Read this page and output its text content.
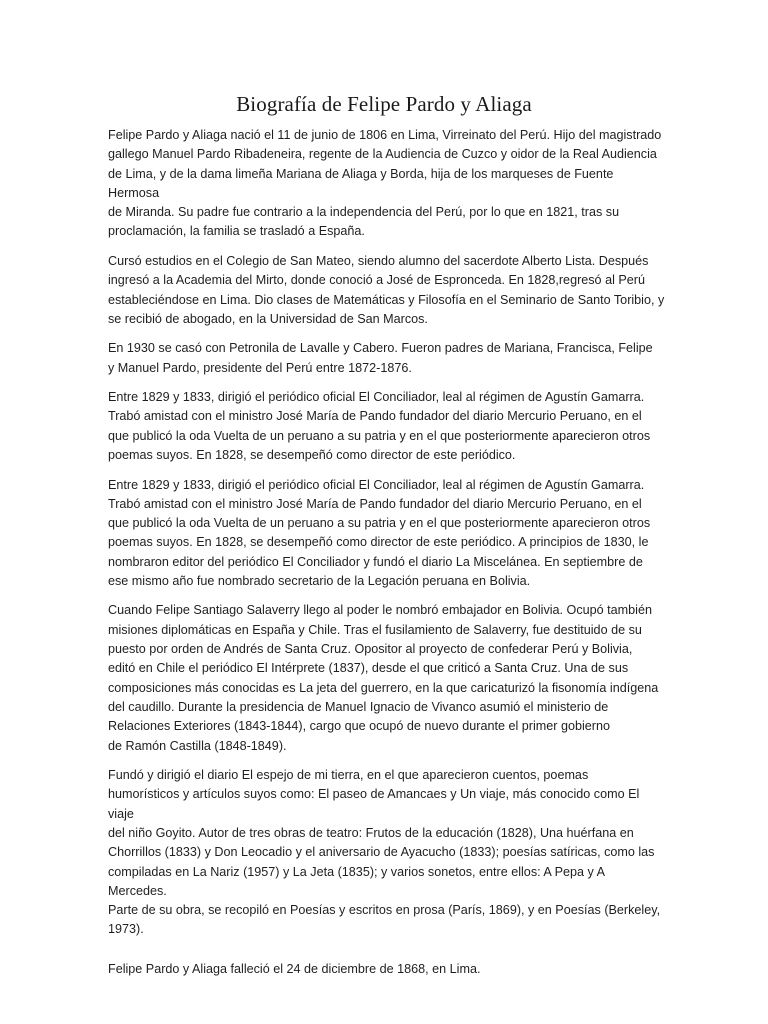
Biografía de Felipe Pardo y Aliaga

Felipe Pardo y Aliaga nació el 11 de junio de 1806 en Lima, Virreinato del Perú. Hijo del magistrado
gallego Manuel Pardo Ribadeneira, regente de la Audiencia de Cuzco y oidor de la Real Audiencia
de Lima, y de la dama limeña Mariana de Aliaga y Borda, hija de los marqueses de Fuente Hermosa
de Miranda. Su padre fue contrario a la independencia del Perú, por lo que en 1821, tras su
proclamación, la familia se trasladó a España.

Cursó estudios en el Colegio de San Mateo, siendo alumno del sacerdote Alberto Lista. Después
ingresó a la Academia del Mirto, donde conoció a José de Espronceda. En 1828,regresó al Perú
estableciéndose en Lima. Dio clases de Matemáticas y Filosofía en el Seminario de Santo Toribio, y
se recibió de abogado, en la Universidad de San Marcos.

En 1930 se casó con Petronila de Lavalle y Cabero. Fueron padres de Mariana, Francisca, Felipe
y Manuel Pardo, presidente del Perú entre 1872-1876.

Entre 1829 y 1833, dirigió el periódico oficial El Conciliador, leal al régimen de Agustín Gamarra.
Trabó amistad con el ministro José María de Pando fundador del diario Mercurio Peruano, en el
que publicó la oda Vuelta de un peruano a su patria y en el que posteriormente aparecieron otros
poemas suyos. En 1828, se desempeñó como director de este periódico.

Entre 1829 y 1833, dirigió el periódico oficial El Conciliador, leal al régimen de Agustín Gamarra.
Trabó amistad con el ministro José María de Pando fundador del diario Mercurio Peruano, en el
que publicó la oda Vuelta de un peruano a su patria y en el que posteriormente aparecieron otros
poemas suyos. En 1828, se desempeñó como director de este periódico. A principios de 1830, le
nombraron editor del periódico El Conciliador y fundó el diario La Miscelánea. En septiembre de
ese mismo año fue nombrado secretario de la Legación peruana en Bolivia.

Cuando Felipe Santiago Salaverry llego al poder le nombró embajador en Bolivia. Ocupó también
misiones diplomáticas en España y Chile. Tras el fusilamiento de Salaverry, fue destituido de su
puesto por orden de Andrés de Santa Cruz. Opositor al proyecto de confederar Perú y Bolivia,
editó en Chile el periódico El Intérprete (1837), desde el que criticó a Santa Cruz. Una de sus
composiciones más conocidas es La jeta del guerrero, en la que caricaturizó la fisonomía indígena
del caudillo. Durante la presidencia de Manuel Ignacio de Vivanco asumió el ministerio de
Relaciones Exteriores (1843-1844), cargo que ocupó de nuevo durante el primer gobierno
de Ramón Castilla (1848-1849).

Fundó y dirigió el diario El espejo de mi tierra, en el que aparecieron cuentos, poemas
humorísticos y artículos suyos como: El paseo de Amancaes y Un viaje, más conocido como El viaje
del niño Goyito. Autor de tres obras de teatro: Frutos de la educación (1828), Una huérfana en
Chorrillos (1833) y Don Leocadio y el aniversario de Ayacucho (1833); poesías satíricas, como las
compiladas en La Nariz (1957) y La Jeta (1835); y varios sonetos, entre ellos: A Pepa y A Mercedes.
Parte de su obra, se recopiló en Poesías y escritos en prosa (París, 1869), y en Poesías (Berkeley,
1973).

Felipe Pardo y Aliaga falleció el 24 de diciembre de 1868, en Lima.
